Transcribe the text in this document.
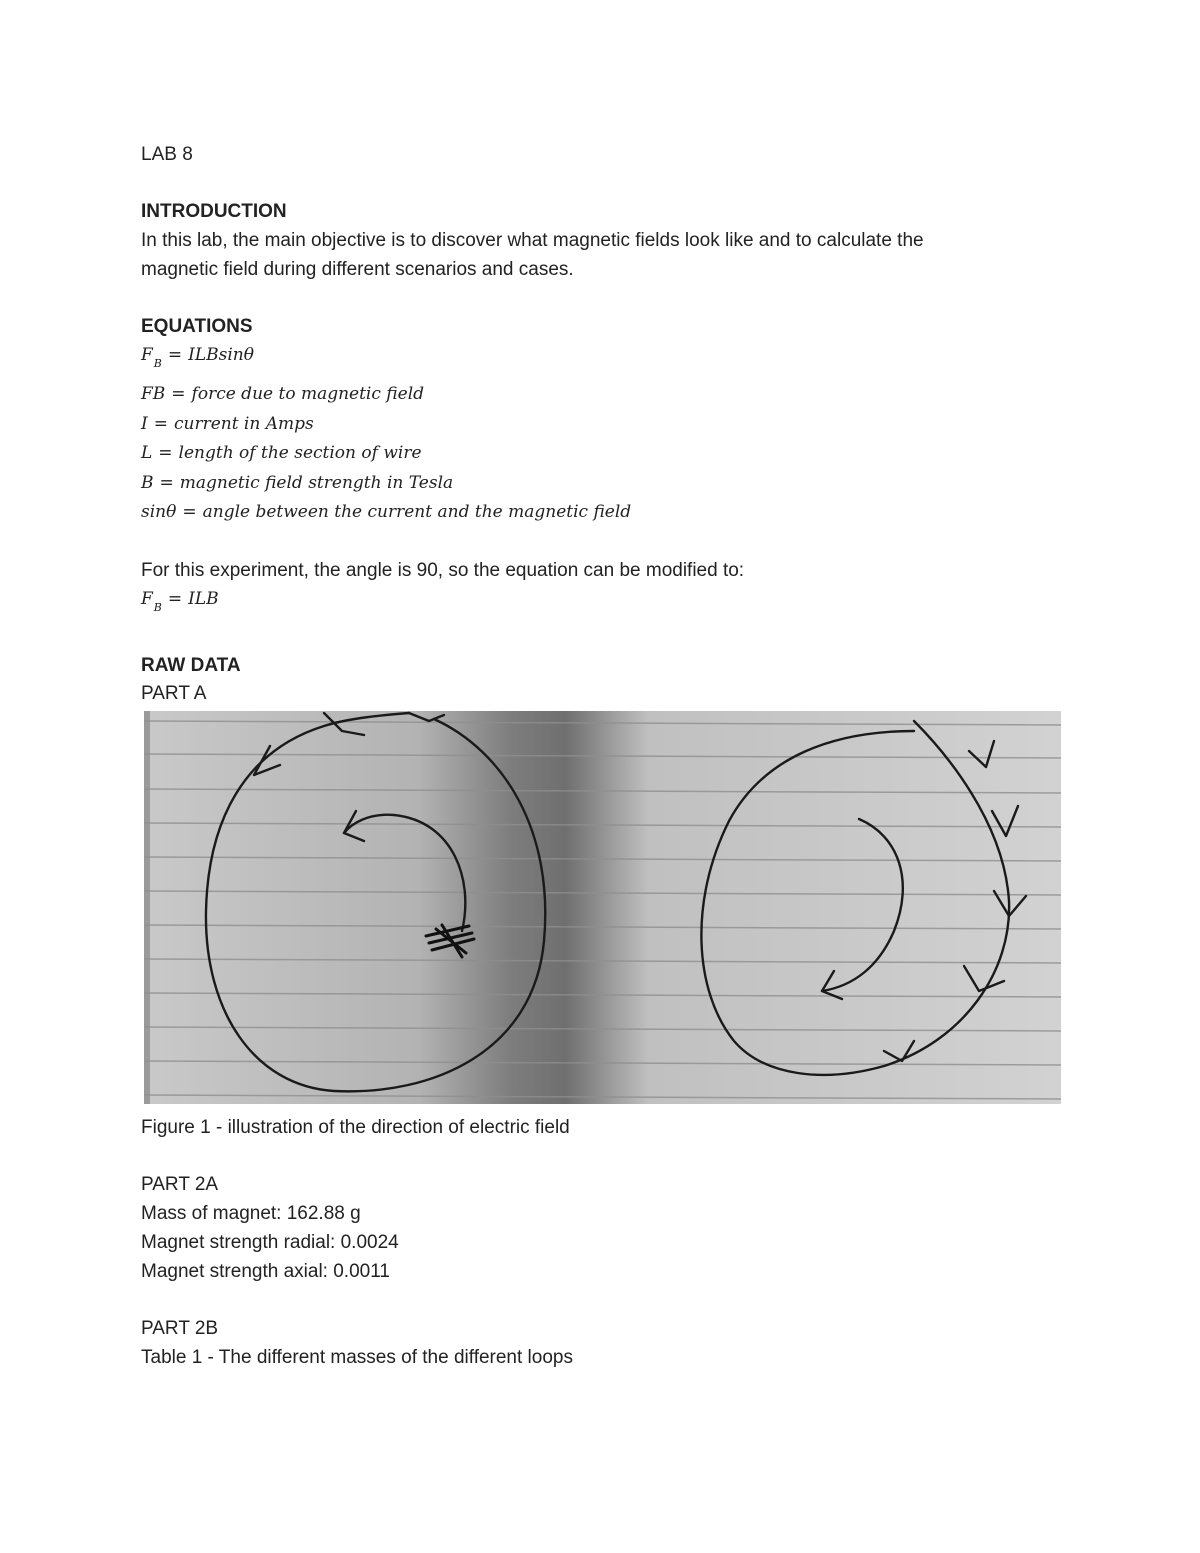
LAB 8

INTRODUCTION

In this lab, the main objective is to discover what magnetic fields look like and to calculate the

magnetic field during different scenarios and cases.

EQUATIONS

$F_B = ILBsin\theta$

FB = force due to magnetic field

I = current in Amps

L = length of the section of wire

B = magnetic field strength in Tesla

sinθ = angle between the current and the magnetic field

For this experiment, the angle is 90, so the equation can be modified to:

$F_B$ = ILB

RAW DATA

PART A

Figure 1 - illustration of the direction of electric field

PART 2A

Mass of magnet: 162.88 g

Magnet strength radial: 0.0024

Magnet strength axial: 0.0011

PART 2B

Table 1 - The different masses of the different loops
